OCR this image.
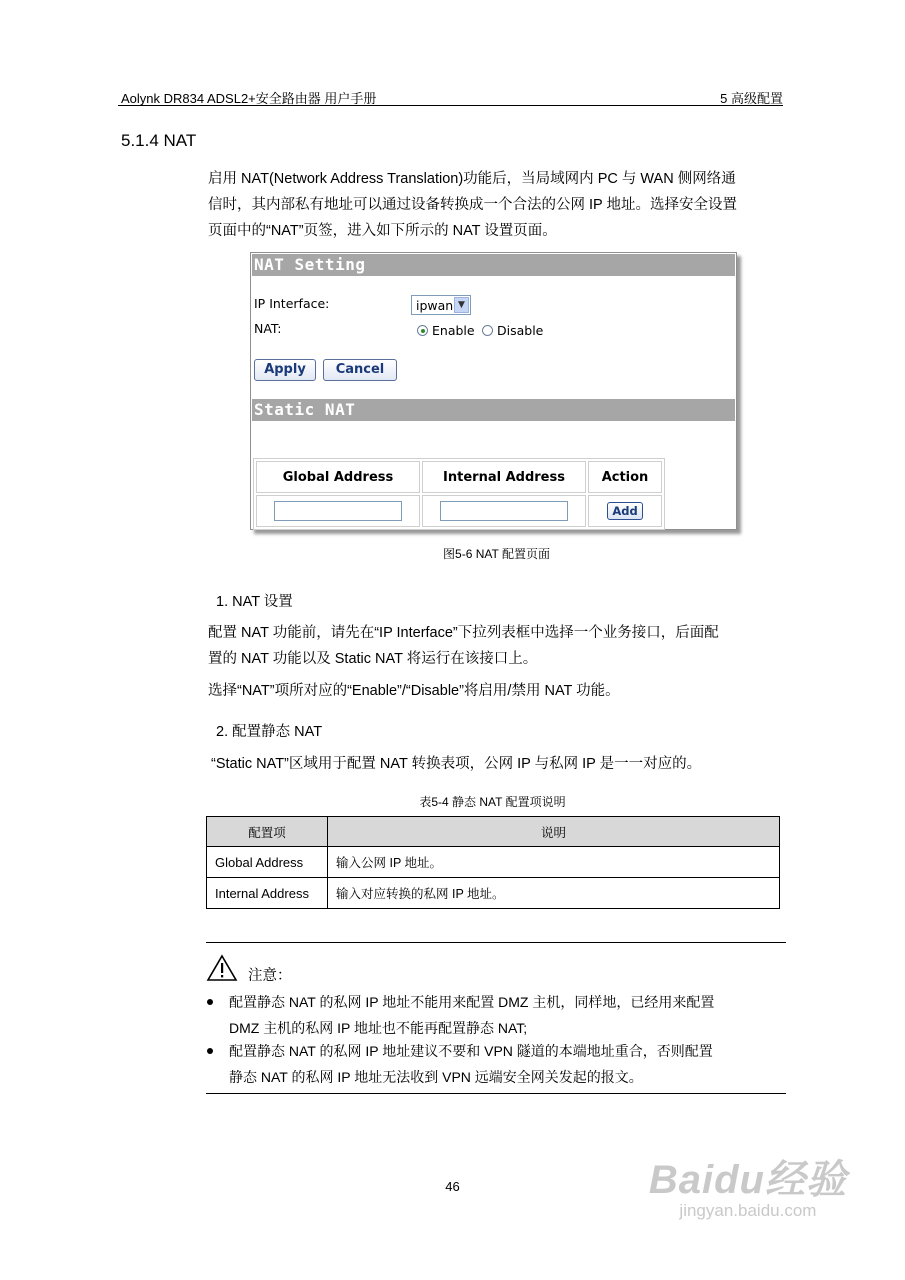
Aolynk DR834 ADSL2+安全路由器 用户手册	5 高级配置
5.1.4 NAT
启用 NAT(Network Address Translation)功能后，当局域网内 PC 与 WAN 侧网络通
信时，其内部私有地址可以通过设备转换成一个合法的公网 IP 地址。选择安全设置
页面中的“NAT”页签，进入如下所示的 NAT 设置页面。
NAT Setting
IP Interface:	ipwan ▼
NAT:	Enable Disable
Apply	Cancel
Static NAT
Global Address	Internal Address	Action
		Add
图5-6 NAT 配置页面
1. NAT 设置
配置 NAT 功能前，请先在“IP Interface”下拉列表框中选择一个业务接口，后面配
置的 NAT 功能以及 Static NAT 将运行在该接口上。
选择“NAT”项所对应的“Enable”/“Disable”将启用/禁用 NAT 功能。
2. 配置静态 NAT
“Static NAT”区域用于配置 NAT 转换表项，公网 IP 与私网 IP 是一一对应的。
表5-4 静态 NAT 配置项说明
配置项	说明
Global Address	输入公网 IP 地址。
Internal Address	输入对应转换的私网 IP 地址。
注意：
配置静态 NAT 的私网 IP 地址不能用来配置 DMZ 主机，同样地，已经用来配置
DMZ 主机的私网 IP 地址也不能再配置静态 NAT;
配置静态 NAT 的私网 IP 地址建议不要和 VPN 隧道的本端地址重合，否则配置
静态 NAT 的私网 IP 地址无法收到 VPN 远端安全网关发起的报文。
46	Baidu经验
jingyan.baidu.com
